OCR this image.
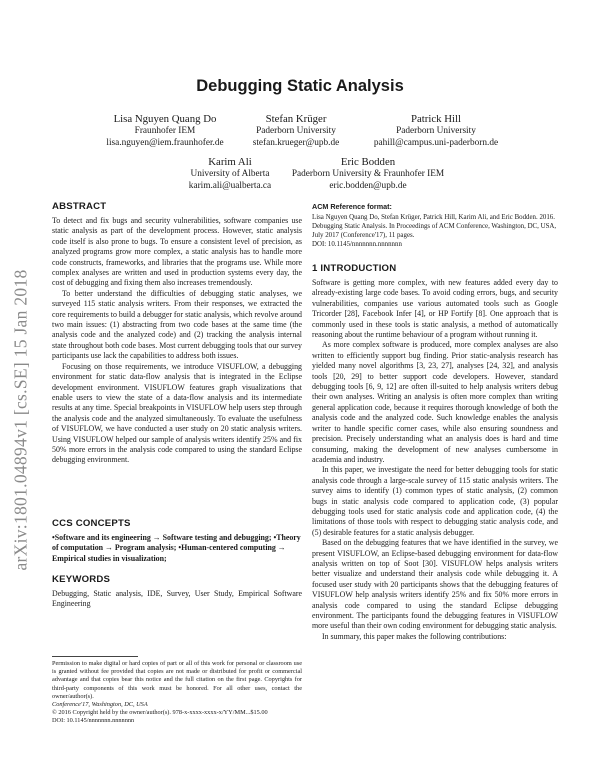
arXiv:1801.04894v1 [cs.SE] 15 Jan 2018
Debugging Static Analysis
Lisa Nguyen Quang Do
Fraunhofer IEM
lisa.nguyen@iem.fraunhofer.de
Stefan Krüger
Paderborn University
stefan.krueger@upb.de
Patrick Hill
Paderborn University
pahill@campus.uni-paderborn.de
Karim Ali
University of Alberta
karim.ali@ualberta.ca
Eric Bodden
Paderborn University & Fraunhofer IEM
eric.bodden@upb.de
ABSTRACT

To detect and fix bugs and security vulnerabilities, software companies use static analysis as part of the development process. However, static analysis code itself is also prone to bugs. To ensure a consistent level of precision, as analyzed programs grow more complex, a static analysis has to handle more code constructs, frameworks, and libraries that the programs use. While more complex analyses are written and used in production systems every day, the cost of debugging and fixing them also increases tremendously.

To better understand the difficulties of debugging static analyses, we surveyed 115 static analysis writers. From their responses, we extracted the core requirements to build a debugger for static analysis, which revolve around two main issues: (1) abstracting from two code bases at the same time (the analysis code and the analyzed code) and (2) tracking the analysis internal state throughout both code bases. Most current debugging tools that our survey participants use lack the capabilities to address both issues.

Focusing on those requirements, we introduce VISUFLOW, a debugging environment for static data-flow analysis that is integrated in the Eclipse development environment. VISUFLOW features graph visualizations that enable users to view the state of a data-flow analysis and its intermediate results at any time. Special breakpoints in VISUFLOW help users step through the analysis code and the analyzed simultaneously. To evaluate the usefulness of VISUFLOW, we have conducted a user study on 20 static analysis writers. Using VISUFLOW helped our sample of analysis writers identify 25% and fix 50% more errors in the analysis code compared to using the standard Eclipse debugging environment.

CCS CONCEPTS

•Software and its engineering → Software testing and debugging; •Theory of computation → Program analysis; •Human-centered computing → Empirical studies in visualization;

KEYWORDS

Debugging, Static analysis, IDE, Survey, User Study, Empirical Software Engineering

Permission to make digital or hard copies of part or all of this work for personal or classroom use is granted without fee provided that copies are not made or distributed for profit or commercial advantage and that copies bear this notice and the full citation on the first page. Copyrights for third-party components of this work must be honored. For all other uses, contact the owner/author(s).

Conference'17, Washington, DC, USA

© 2016 Copyright held by the owner/author(s). 978-x-xxxx-xxxx-x/YY/MM...$15.00

DOI: 10.1145/nnnnnnn.nnnnnnn

ACM Reference format:

Lisa Nguyen Quang Do, Stefan Krüger, Patrick Hill, Karim Ali, and Eric Bodden. 2016. Debugging Static Analysis. In Proceedings of ACM Conference, Washington, DC, USA, July 2017 (Conference'17), 11 pages.

DOI: 10.1145/nnnnnnn.nnnnnnn

1 INTRODUCTION

Software is getting more complex, with new features added every day to already-existing large code bases. To avoid coding errors, bugs, and security vulnerabilities, companies use various automated tools such as Google Tricorder [28], Facebook Infer [4], or HP Fortify [8]. One approach that is commonly used in these tools is static analysis, a method of automatically reasoning about the runtime behaviour of a program without running it.

As more complex software is produced, more complex analyses are also written to efficiently support bug finding. Prior static-analysis research has yielded many novel algorithms [3, 23, 27], analyses [24, 32], and analysis tools [20, 29] to better support code developers. However, standard debugging tools [6, 9, 12] are often ill-suited to help analysis writers debug their own analyses. Writing an analysis is often more complex than writing general application code, because it requires thorough knowledge of both the analysis code and the analyzed code. Such knowledge enables the analysis writer to handle specific corner cases, while also ensuring soundness and precision. Precisely understanding what an analysis does is hard and time consuming, making the development of new analyses cumbersome in academia and industry.

In this paper, we investigate the need for better debugging tools for static analysis code through a large-scale survey of 115 static analysis writers. The survey aims to identify (1) common types of static analysis, (2) common bugs in static analysis code compared to application code, (3) popular debugging tools used for static analysis code and application code, (4) the limitations of those tools with respect to debugging static analysis code, and (5) desirable features for a static analysis debugger.

Based on the debugging features that we have identified in the survey, we present VISUFLOW, an Eclipse-based debugging environment for data-flow analysis written on top of Soot [30]. VISUFLOW helps analysis writers better visualize and understand their analysis code while debugging it. A focused user study with 20 participants shows that the debugging features of VISUFLOW help analysis writers identify 25% and fix 50% more errors in analysis code compared to using the standard Eclipse debugging environment. The participants found the debugging features in VISUFLOW more useful than their own coding environment for debugging static analysis.

In summary, this paper makes the following contributions:
